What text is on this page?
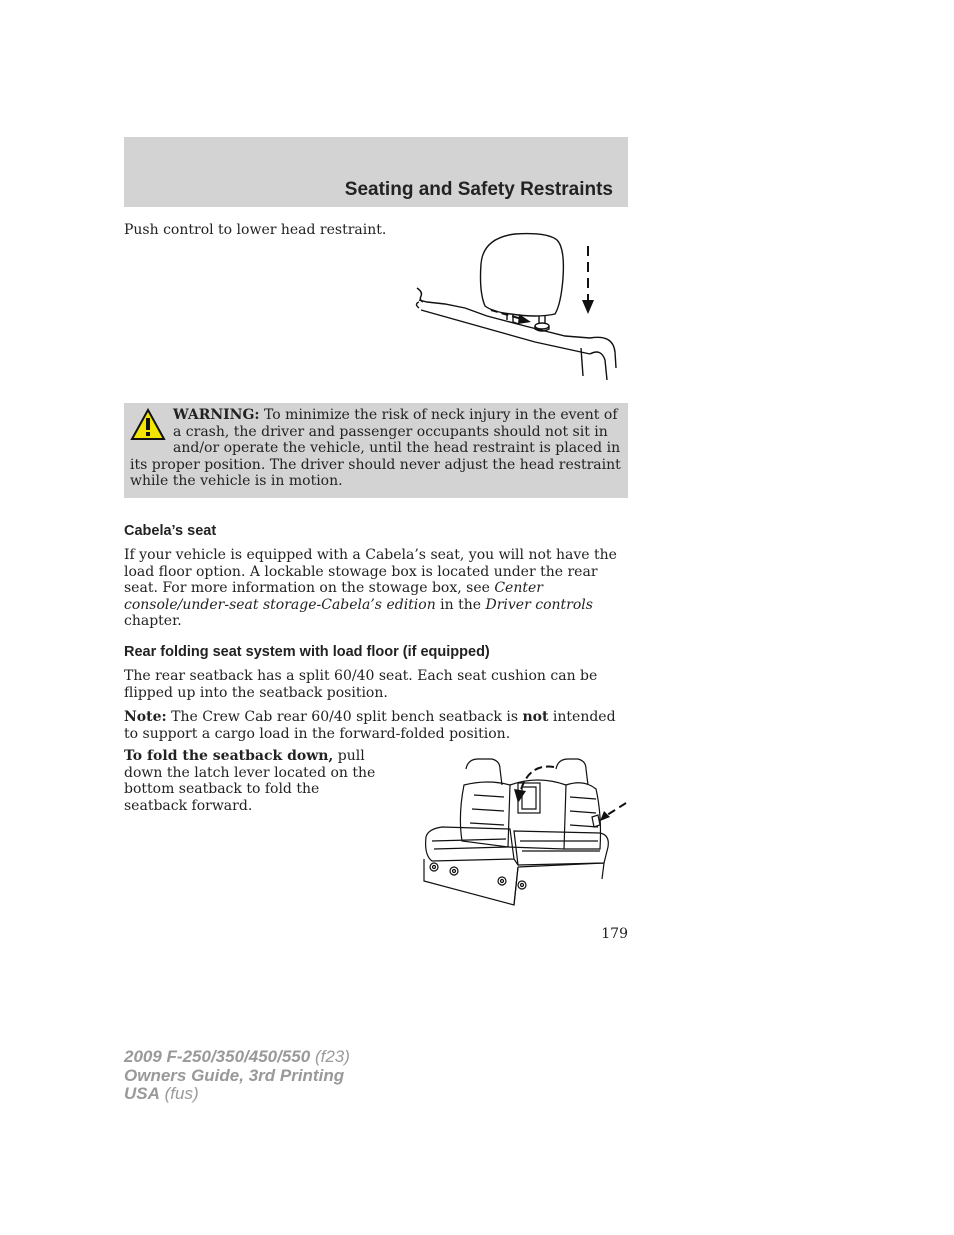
Seating and Safety Restraints
Push control to lower head restraint.
WARNING: To minimize the risk of neck injury in the event of a crash, the driver and passenger occupants should not sit in and/or operate the vehicle, until the head restraint is placed in its proper position. The driver should never adjust the head restraint while the vehicle is in motion.
Cabela’s seat
If your vehicle is equipped with a Cabela’s seat, you will not have the load floor option. A lockable stowage box is located under the rear seat. For more information on the stowage box, see Center console/under-seat storage-Cabela’s edition in the Driver controls chapter.
Rear folding seat system with load floor (if equipped)
The rear seatback has a split 60/40 seat. Each seat cushion can be flipped up into the seatback position.
Note: The Crew Cab rear 60/40 split bench seatback is not intended to support a cargo load in the forward-folded position.
To fold the seatback down, pull down the latch lever located on the bottom seatback to fold the seatback forward.
179
2009 F-250/350/450/550 (f23)
Owners Guide, 3rd Printing
USA (fus)
